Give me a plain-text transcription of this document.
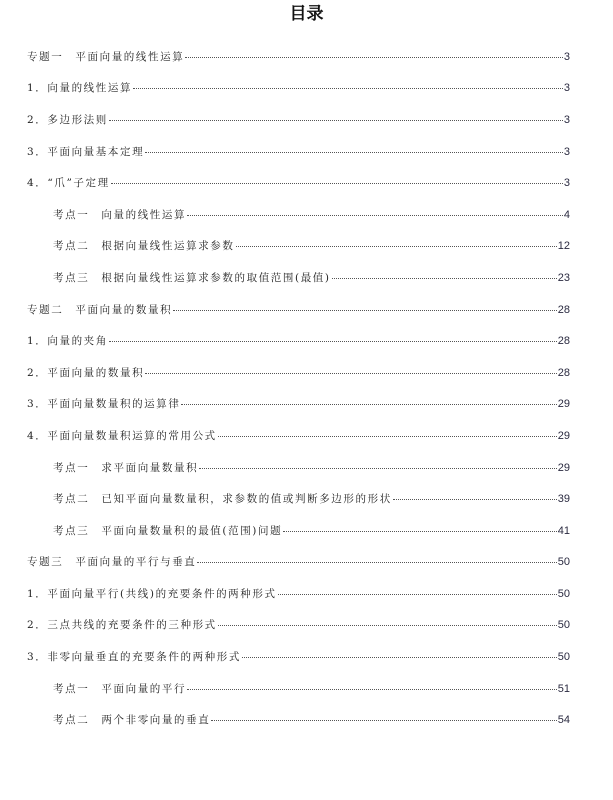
目录
专题一　平面向量的线性运算	3
1．向量的线性运算	3
2．多边形法则	3
3．平面向量基本定理	3
4．“爪”子定理	3
考点一　向量的线性运算	4
考点二　根据向量线性运算求参数	12
考点三　根据向量线性运算求参数的取值范围(最值)	23
专题二　平面向量的数量积	28
1．向量的夹角	28
2．平面向量的数量积	28
3．平面向量数量积的运算律	29
4．平面向量数量积运算的常用公式	29
考点一　求平面向量数量积	29
考点二　已知平面向量数量积，求参数的值或判断多边形的形状	39
考点三　平面向量数量积的最值(范围)问题	41
专题三　平面向量的平行与垂直	50
1．平面向量平行(共线)的充要条件的两种形式	50
2．三点共线的充要条件的三种形式	50
3．非零向量垂直的充要条件的两种形式	50
考点一　平面向量的平行	51
考点二　两个非零向量的垂直	54
